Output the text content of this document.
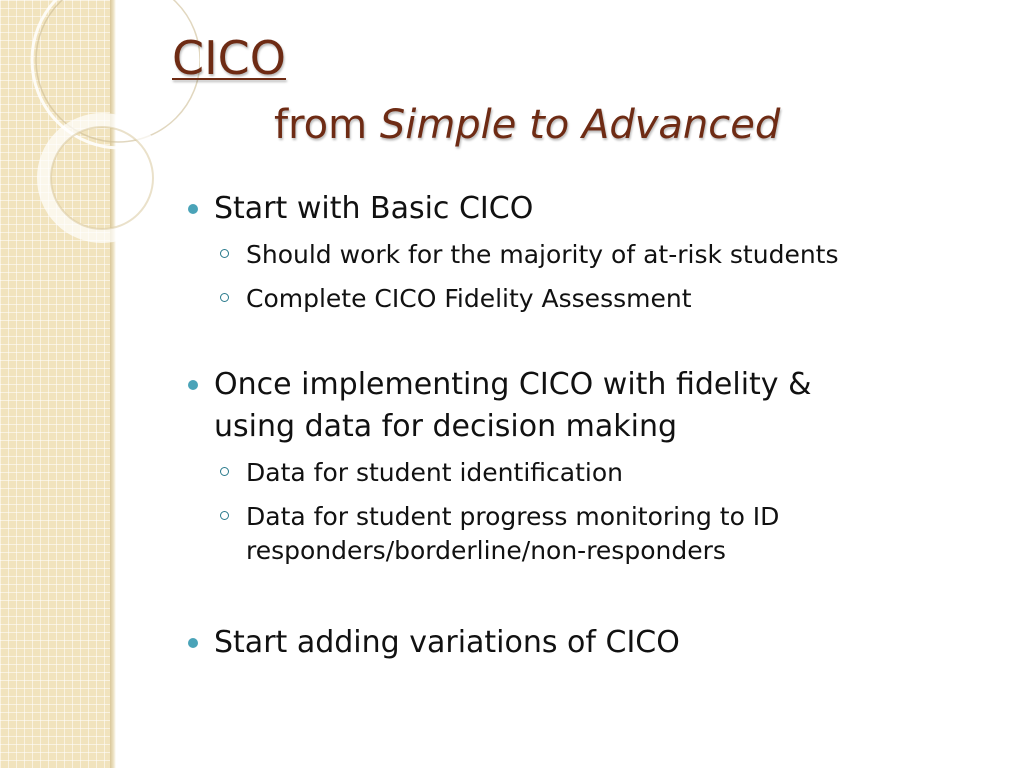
CICO
from Simple to Advanced
Start with Basic CICO
Should work for the majority of at-risk students
Complete CICO Fidelity Assessment
Once implementing CICO with fidelity &
using data for decision making
Data for student identification
Data for student progress monitoring to ID
responders/borderline/non-responders
Start adding variations of CICO
